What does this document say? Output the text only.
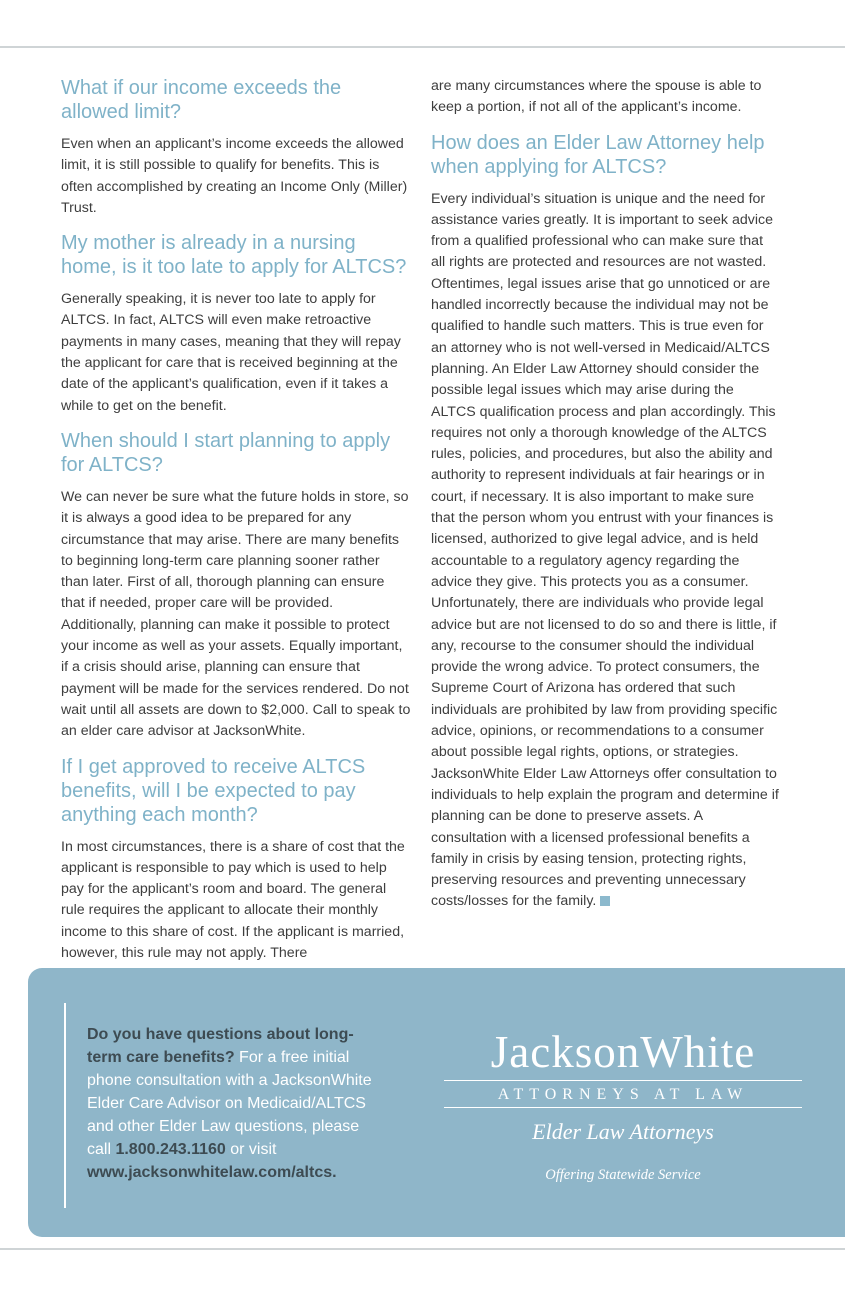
What if our income exceeds the allowed limit?

Even when an applicant’s income exceeds the allowed limit, it is still possible to qualify for benefits. This is often accomplished by creating an Income Only (Miller) Trust.

My mother is already in a nursing home, is it too late to apply for ALTCS?

Generally speaking, it is never too late to apply for ALTCS. In fact, ALTCS will even make retroactive payments in many cases, meaning that they will repay the applicant for care that is received beginning at the date of the applicant’s qualification, even if it takes a while to get on the benefit.

When should I start planning to apply for ALTCS?

We can never be sure what the future holds in store, so it is always a good idea to be prepared for any circumstance that may arise. There are many benefits to beginning long-term care planning sooner rather than later. First of all, thorough planning can ensure that if needed, proper care will be provided. Additionally, planning can make it possible to protect your income as well as your assets. Equally important, if a crisis should arise, planning can ensure that payment will be made for the services rendered. Do not wait until all assets are down to $2,000. Call to speak to an elder care advisor at JacksonWhite.

If I get approved to receive ALTCS benefits, will I be expected to pay anything each month?

In most circumstances, there is a share of cost that the applicant is responsible to pay which is used to help pay for the applicant’s room and board. The general rule requires the applicant to allocate their monthly income to this share of cost. If the applicant is married, however, this rule may not apply. There

are many circumstances where the spouse is able to keep a portion, if not all of the applicant’s income.

How does an Elder Law Attorney help when applying for ALTCS?

Every individual’s situation is unique and the need for assistance varies greatly. It is important to seek advice from a qualified professional who can make sure that all rights are protected and resources are not wasted. Oftentimes, legal issues arise that go unnoticed or are handled incorrectly because the individual may not be qualified to handle such matters. This is true even for an attorney who is not well-versed in Medicaid/ALTCS planning. An Elder Law Attorney should consider the possible legal issues which may arise during the ALTCS qualification process and plan accordingly. This requires not only a thorough knowledge of the ALTCS rules, policies, and procedures, but also the ability and authority to represent individuals at fair hearings or in court, if necessary. It is also important to make sure that the person whom you entrust with your finances is licensed, authorized to give legal advice, and is held accountable to a regulatory agency regarding the advice they give. This protects you as a consumer. Unfortunately, there are individuals who provide legal advice but are not licensed to do so and there is little, if any, recourse to the consumer should the individual provide the wrong advice. To protect consumers, the Supreme Court of Arizona has ordered that such individuals are prohibited by law from providing specific advice, opinions, or recommendations to a consumer about possible legal rights, options, or strategies. JacksonWhite Elder Law Attorneys offer consultation to individuals to help explain the program and determine if planning can be done to preserve assets. A consultation with a licensed professional benefits a family in crisis by easing tension, protecting rights, preserving resources and preventing unnecessary costs/losses for the family.

Do you have questions about long-term care benefits? For a free initial phone consultation with a JacksonWhite Elder Care Advisor on Medicaid/ALTCS and other Elder Law questions, please call 1.800.243.1160 or visit www.jacksonwhitelaw.com/altcs.
JacksonWhite
ATTORNEYS AT LAW
Elder Law Attorneys
Offering Statewide Service
